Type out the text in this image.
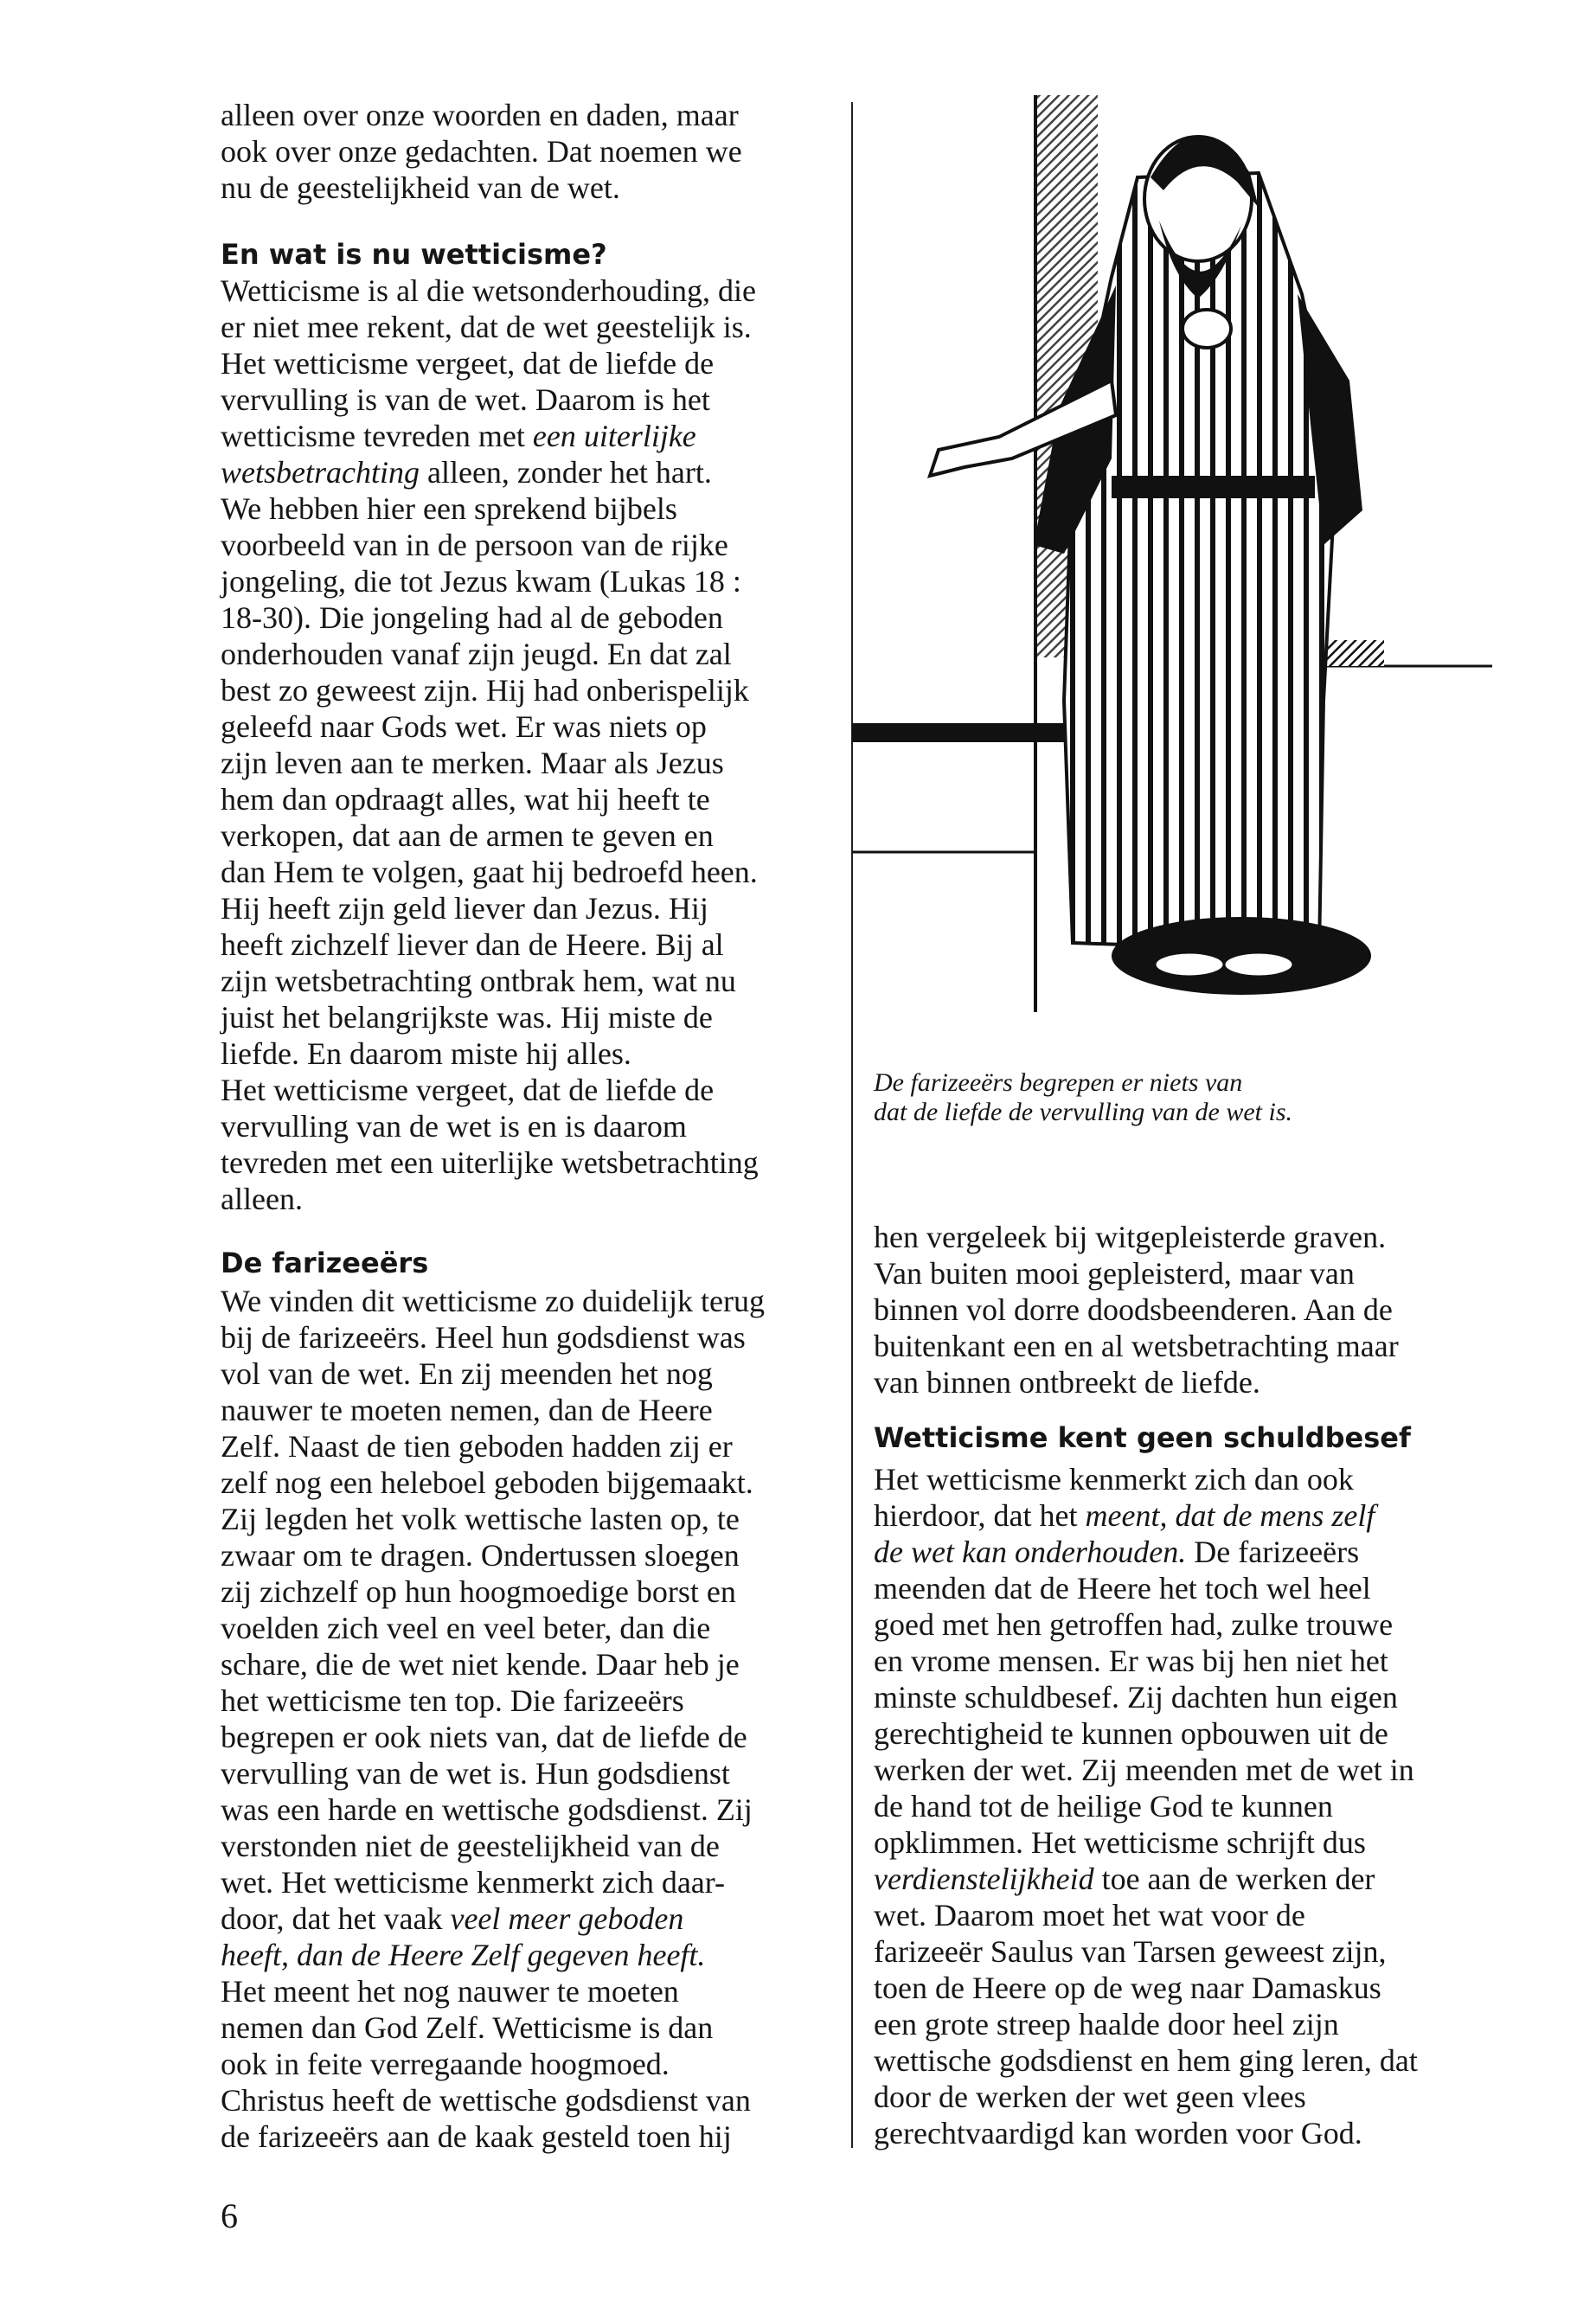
alleen over onze woorden en daden, maar
ook over onze gedachten. Dat noemen we
nu de geestelijkheid van de wet.
En wat is nu wetticisme?
Wetticisme is al die wetsonderhouding, die
er niet mee rekent, dat de wet geestelijk is.
Het wetticisme vergeet, dat de liefde de
vervulling is van de wet. Daarom is het
wetticisme tevreden met een uiterlijke
wetsbetrachting alleen, zonder het hart.
We hebben hier een sprekend bijbels
voorbeeld van in de persoon van de rijke
jongeling, die tot Jezus kwam (Lukas 18 :
18-30). Die jongeling had al de geboden
onderhouden vanaf zijn jeugd. En dat zal
best zo geweest zijn. Hij had onberispelijk
geleefd naar Gods wet. Er was niets op
zijn leven aan te merken. Maar als Jezus
hem dan opdraagt alles, wat hij heeft te
verkopen, dat aan de armen te geven en
dan Hem te volgen, gaat hij bedroefd heen.
Hij heeft zijn geld liever dan Jezus. Hij
heeft zichzelf liever dan de Heere. Bij al
zijn wetsbetrachting ontbrak hem, wat nu
juist het belangrijkste was. Hij miste de
liefde. En daarom miste hij alles.
Het wetticisme vergeet, dat de liefde de
vervulling van de wet is en is daarom
tevreden met een uiterlijke wetsbetrachting
alleen.
De farizeeërs
We vinden dit wetticisme zo duidelijk terug
bij de farizeeërs. Heel hun godsdienst was
vol van de wet. En zij meenden het nog
nauwer te moeten nemen, dan de Heere
Zelf. Naast de tien geboden hadden zij er
zelf nog een heleboel geboden bijgemaakt.
Zij legden het volk wettische lasten op, te
zwaar om te dragen. Ondertussen sloegen
zij zichzelf op hun hoogmoedige borst en
voelden zich veel en veel beter, dan die
schare, die de wet niet kende. Daar heb je
het wetticisme ten top. Die farizeeërs
begrepen er ook niets van, dat de liefde de
vervulling van de wet is. Hun godsdienst
was een harde en wettische godsdienst. Zij
verstonden niet de geestelijkheid van de
wet. Het wetticisme kenmerkt zich daar-
door, dat het vaak veel meer geboden
heeft, dan de Heere Zelf gegeven heeft.
Het meent het nog nauwer te moeten
nemen dan God Zelf. Wetticisme is dan
ook in feite verregaande hoogmoed.
Christus heeft de wettische godsdienst van
de farizeeërs aan de kaak gesteld toen hij
De farizeeërs begrepen er niets van
dat de liefde de vervulling van de wet is.
hen vergeleek bij witgepleisterde graven.
Van buiten mooi gepleisterd, maar van
binnen vol dorre doodsbeenderen. Aan de
buitenkant een en al wetsbetrachting maar
van binnen ontbreekt de liefde.
Wetticisme kent geen schuldbesef
Het wetticisme kenmerkt zich dan ook
hierdoor, dat het meent, dat de mens zelf
de wet kan onderhouden. De farizeeërs
meenden dat de Heere het toch wel heel
goed met hen getroffen had, zulke trouwe
en vrome mensen. Er was bij hen niet het
minste schuldbesef. Zij dachten hun eigen
gerechtigheid te kunnen opbouwen uit de
werken der wet. Zij meenden met de wet in
de hand tot de heilige God te kunnen
opklimmen. Het wetticisme schrijft dus
verdienstelijkheid toe aan de werken der
wet. Daarom moet het wat voor de
farizeeër Saulus van Tarsen geweest zijn,
toen de Heere op de weg naar Damaskus
een grote streep haalde door heel zijn
wettische godsdienst en hem ging leren, dat
door de werken der wet geen vlees
gerechtvaardigd kan worden voor God.
6
